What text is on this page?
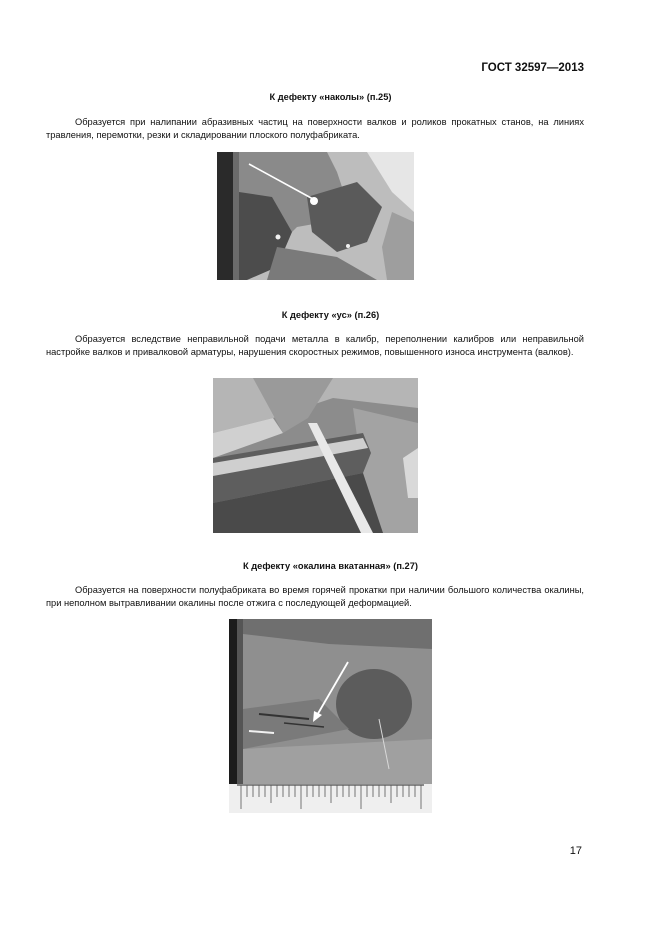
ГОСТ 32597—2013
К дефекту «наколы» (п.25)

Образуется при налипании абразивных частиц на поверхности валков и роликов прокатных станов, на линиях травления, перемотки, резки и складировании плоского полуфабриката.

К дефекту «ус» (п.26)

Образуется вследствие неправильной подачи металла в калибр, переполнении калибров или неправильной настройке валков и привалковой арматуры, нарушения скоростных режимов, повышенного износа инструмента (валков).

К дефекту «окалина вкатанная» (п.27)

Образуется на поверхности полуфабриката во время горячей прокатки при наличии большого количества окалины, при неполном вытравливании окалины после отжига с последующей деформацией.

17
